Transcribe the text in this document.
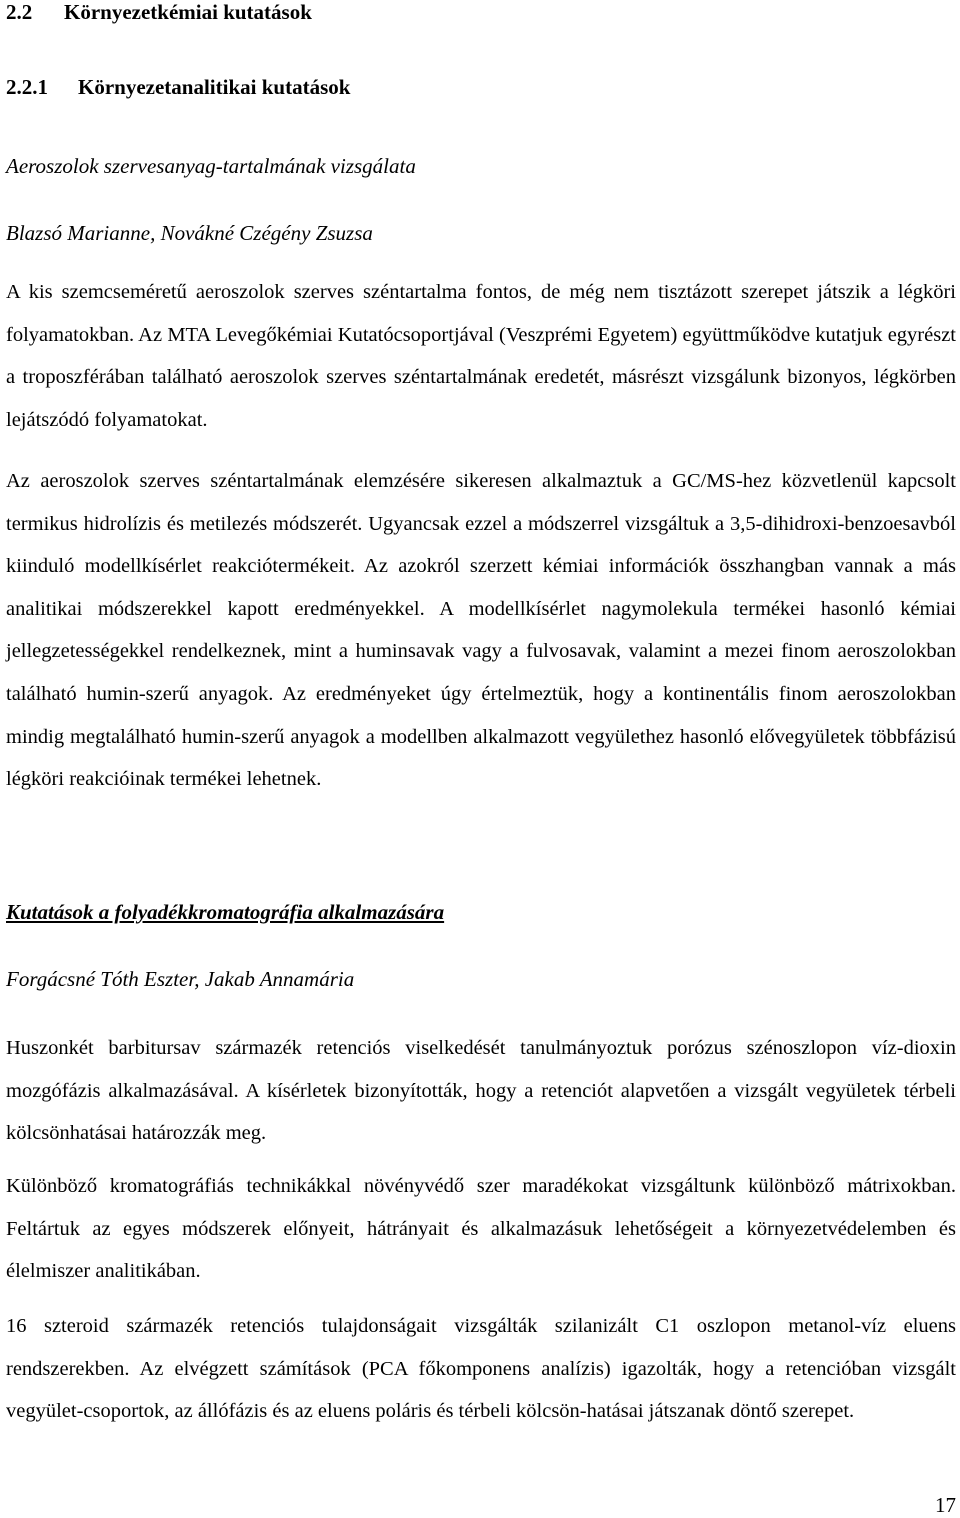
2.2 Környezetkémiai kutatások
2.2.1 Környezetanalitikai kutatások
Aeroszolok szervesanyag-tartalmának vizsgálata
Blazsó Marianne, Novákné Czégény Zsuzsa

A kis szemcseméretű aeroszolok szerves széntartalma fontos, de még nem tisztázott szerepet játszik a légköri folyamatokban. Az MTA Levegőkémiai Kutatócsoportjával (Veszprémi Egyetem) együttműködve kutatjuk egyrészt a troposzférában található aeroszolok szerves széntartalmának eredetét, másrészt vizsgálunk bizonyos, légkörben lejátszódó folyamatokat.

Az aeroszolok szerves széntartalmának elemzésére sikeresen alkalmaztuk a GC/MS-hez közvetlenül kapcsolt termikus hidrolízis és metilezés módszerét. Ugyancsak ezzel a módszerrel vizsgáltuk a 3,5-dihidroxi-benzoesavból kiinduló modellkísérlet reakciótermékeit. Az azokról szerzett kémiai információk összhangban vannak a más analitikai módszerekkel kapott eredményekkel. A modellkísérlet nagymolekula termékei hasonló kémiai jellegzetességekkel rendelkeznek, mint a huminsavak vagy a fulvosavak, valamint a mezei finom aeroszolokban található humin-szerű anyagok. Az eredményeket úgy értelmeztük, hogy a kontinentális finom aeroszolokban mindig megtalálható humin-szerű anyagok a modellben alkalmazott vegyülethez hasonló elővegyületek többfázisú légköri reakcióinak termékei lehetnek.

Kutatások a folyadékkromatográfia alkalmazására
Forgácsné Tóth Eszter, Jakab Annamária

Huszonkét barbitursav származék retenciós viselkedését tanulmányoztuk porózus szénoszlopon víz-dioxin mozgófázis alkalmazásával. A kísérletek bizonyították, hogy a retenciót alapvetően a vizsgált vegyületek térbeli kölcsönhatásai határozzák meg.

Különböző kromatográfiás technikákkal növényvédő szer maradékokat vizsgáltunk különböző mátrixokban. Feltártuk az egyes módszerek előnyeit, hátrányait és alkalmazásuk lehetőségeit a környezetvédelemben és élelmiszer analitikában.

16 szteroid származék retenciós tulajdonságait vizsgálták szilanizált C1 oszlopon metanol-víz eluens rendszerekben. Az elvégzett számítások (PCA főkomponens analízis) igazolták, hogy a retencióban vizsgált vegyület-csoportok, az állófázis és az eluens poláris és térbeli kölcsön-hatásai játszanak döntő szerepet.

17
